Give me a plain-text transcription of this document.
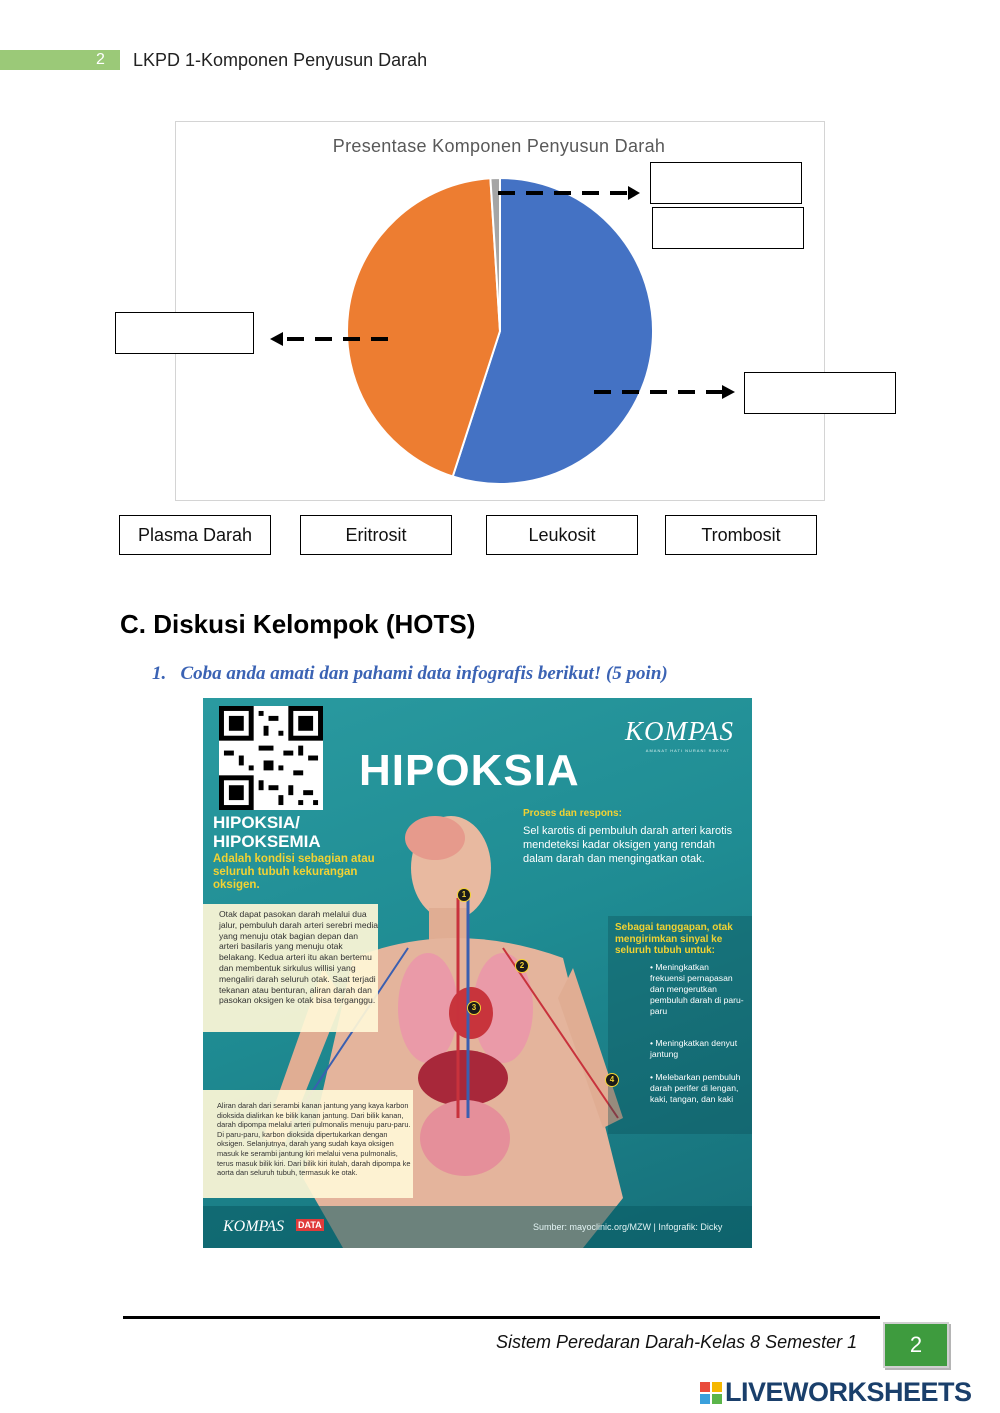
2	LKPD 1-Komponen Penyusun Darah
Presentase Komponen Penyusun Darah
Plasma Darah	Eritrosit	Leukosit	Trombosit
C. Diskusi Kelompok (HOTS)
1.   Coba anda amati dan pahami data infografis berikut! (5 poin)
KOMPAS
AMANAT HATI NURANI RAKYAT
HIPOKSIA
HIPOKSIA/
HIPOKSEMIA
Adalah kondisi sebagian atau seluruh tubuh kekurangan oksigen.
Otak dapat pasokan darah melalui dua jalur, pembuluh darah arteri serebri media yang menuju otak bagian depan dan arteri basilaris yang menuju otak belakang. Kedua arteri itu akan bertemu dan membentuk sirkulus willisi yang mengaliri darah seluruh otak. Saat terjadi tekanan atau benturan, aliran darah dan pasokan oksigen ke otak bisa terganggu.
Aliran darah dari serambi kanan jantung yang kaya karbon dioksida dialirkan ke bilik kanan jantung. Dari bilik kanan, darah dipompa melalui arteri pulmonalis menuju paru-paru. Di paru-paru, karbon dioksida dipertukarkan dengan oksigen. Selanjutnya, darah yang sudah kaya oksigen masuk ke serambi jantung kiri melalui vena pulmonalis, terus masuk bilik kiri. Dari bilik kiri itulah, darah dipompa ke aorta dan seluruh tubuh, termasuk ke otak.
Proses dan respons:
Sel karotis di pembuluh darah arteri karotis mendeteksi kadar oksigen yang rendah dalam darah dan mengingatkan otak.
Sebagai tanggapan, otak mengirimkan sinyal ke seluruh tubuh untuk:
• Meningkatkan frekuensi pernapasan dan mengerutkan pembuluh darah di paru-paru
• Meningkatkan denyut jantung
• Melebarkan pembuluh darah perifer di lengan, kaki, tangan, dan kaki
1
2
3
4
KOMPAS DATA	Sumber: mayoclinic.org/MZW | Infografik: Dicky
Sistem Peredaran Darah-Kelas 8 Semester 1	2
LIVEWORKSHEETS
